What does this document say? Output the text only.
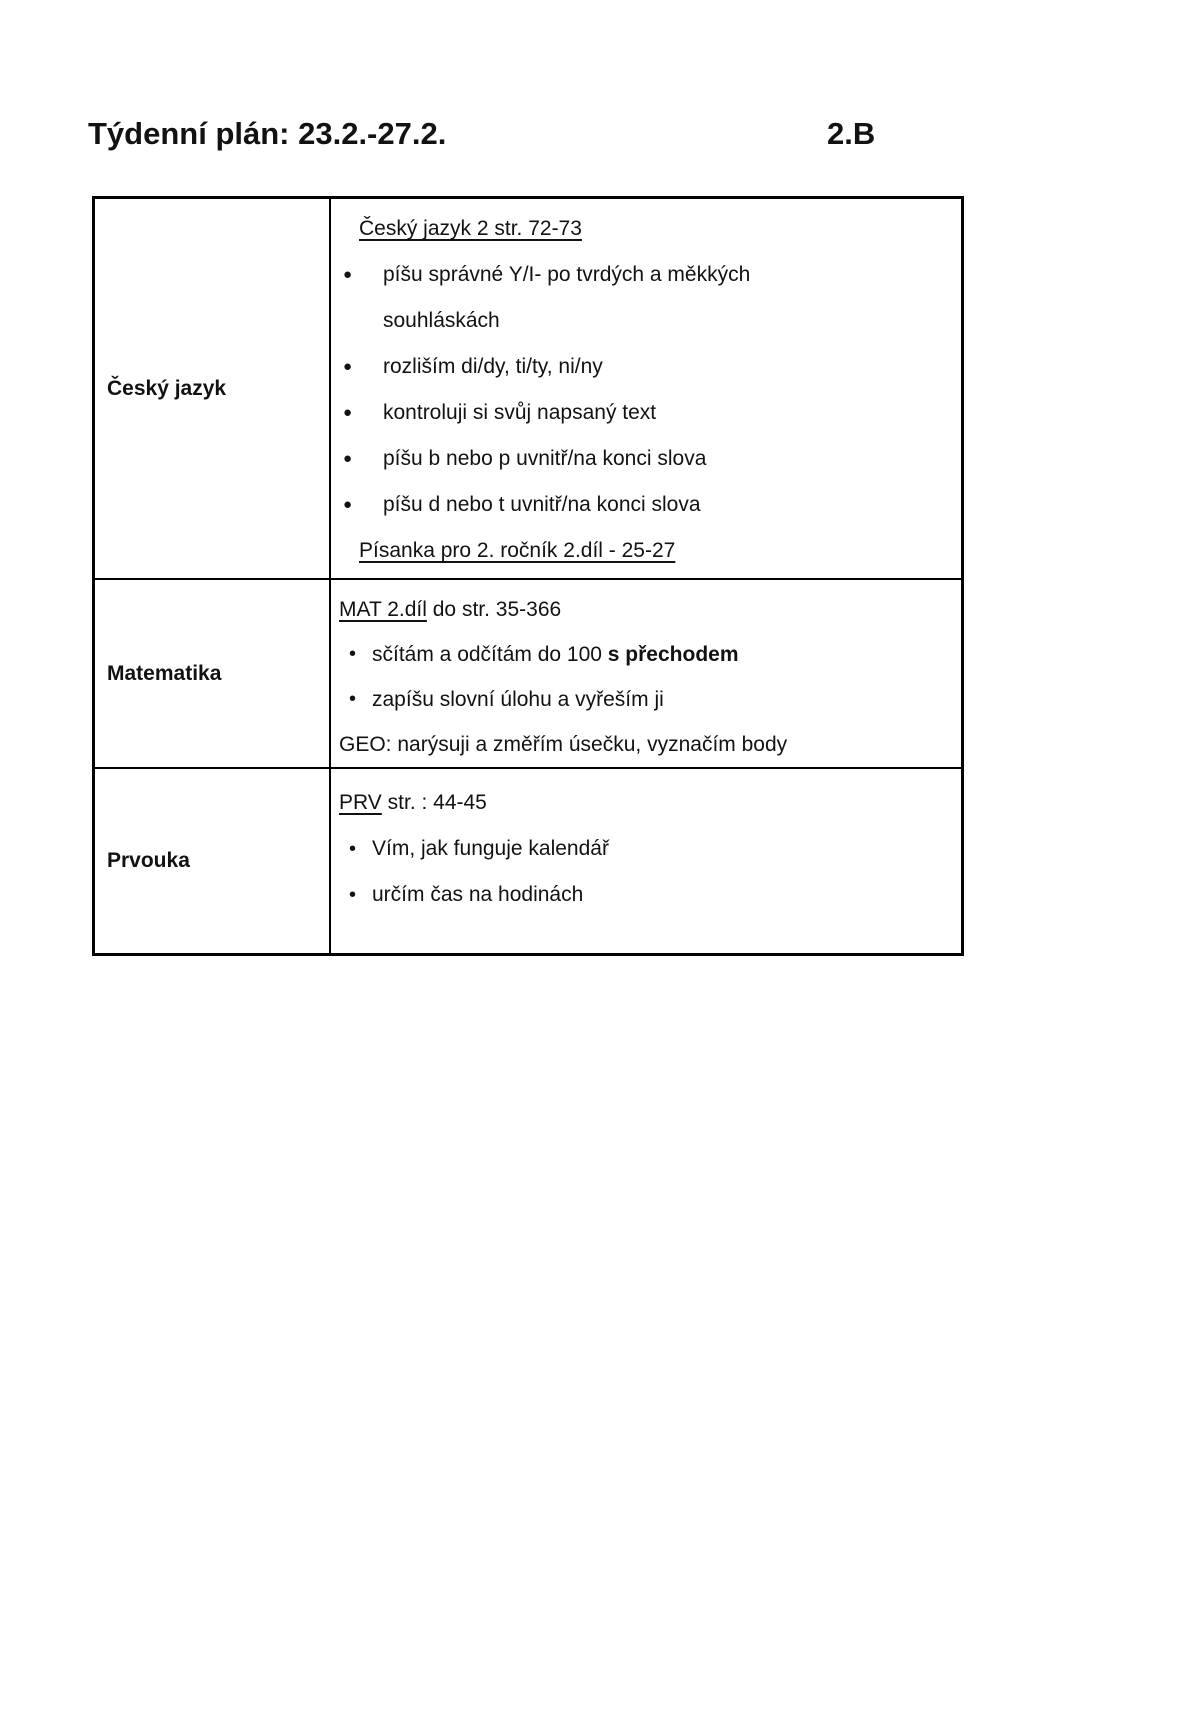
Týdenní plán: 23.2.-27.2.	2.B
Český jazyk
Český jazyk 2 str. 72-73
● píšu správné Y/I- po tvrdých a měkkých
souhláskách
● rozliším di/dy, ti/ty, ni/ny
● kontroluji si svůj napsaný text
● píšu b nebo p uvnitř/na konci slova
● píšu d nebo t uvnitř/na konci slova
Písanka pro 2. ročník 2.díl - 25-27
Matematika
MAT 2.díl do str. 35-366
• sčítám a odčítám do 100 s přechodem
• zapíšu slovní úlohu a vyřeším ji
GEO: narýsuji a změřím úsečku, vyznačím body
Prvouka
PRV str. : 44-45
• Vím, jak funguje kalendář
• určím čas na hodinách
